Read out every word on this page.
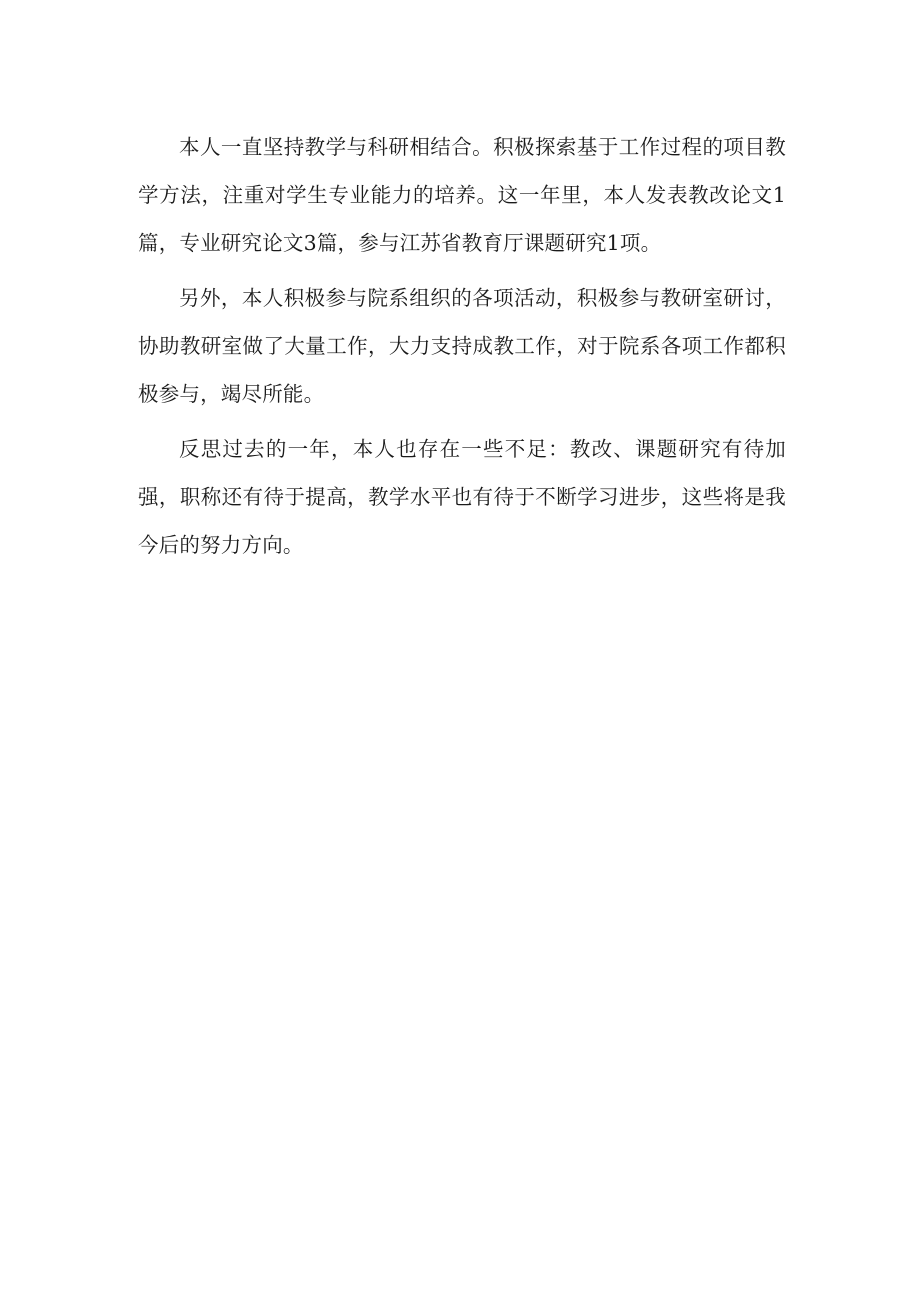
本人一直坚持教学与科研相结合。积极探索基于工作过程的项目教学方法，注重对学生专业能力的培养。这一年里，本人发表教改论文1篇，专业研究论文3篇，参与江苏省教育厅课题研究1项。

另外，本人积极参与院系组织的各项活动，积极参与教研室研讨，协助教研室做了大量工作，大力支持成教工作，对于院系各项工作都积极参与，竭尽所能。

反思过去的一年，本人也存在一些不足：教改、课题研究有待加强，职称还有待于提高，教学水平也有待于不断学习进步，这些将是我今后的努力方向。
